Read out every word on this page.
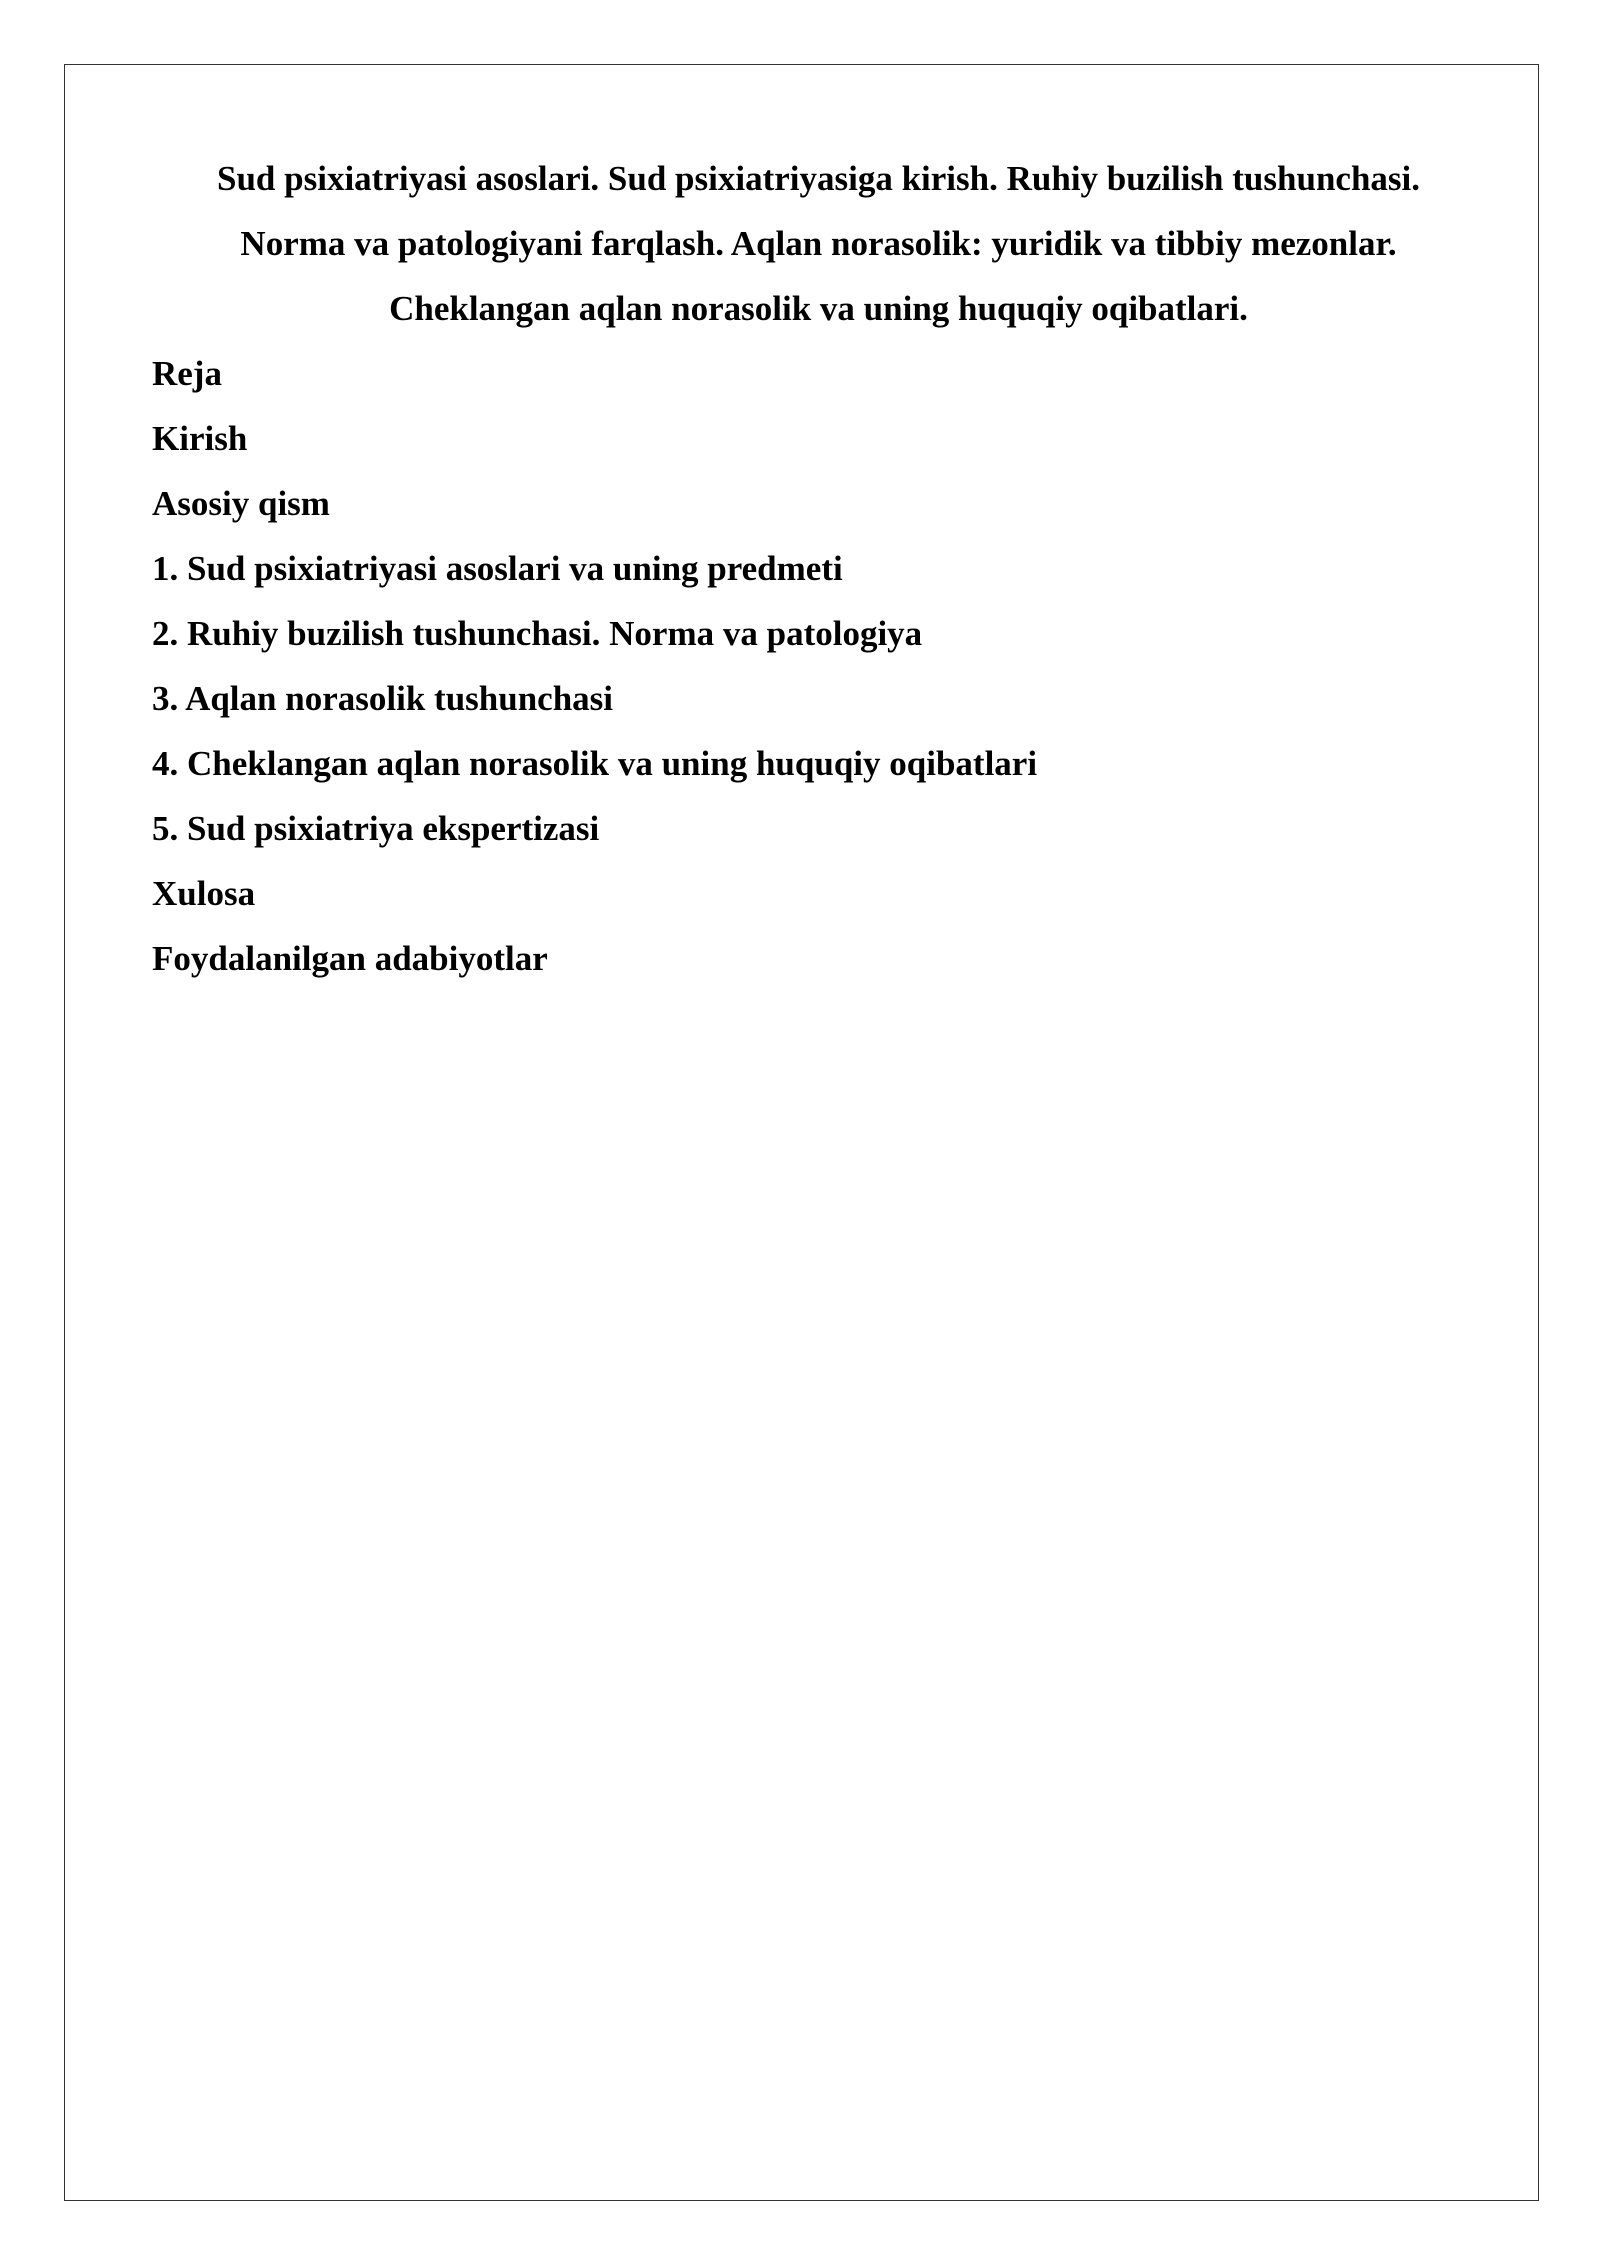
Sud psixiatriyasi asoslari. Sud psixiatriyasiga kirish. Ruhiy buzilish tushunchasi.
Norma va patologiyani farqlash. Aqlan norasolik: yuridik va tibbiy mezonlar.
Cheklangan aqlan norasolik va uning huquqiy oqibatlari.
Reja
Kirish
Asosiy qism
1. Sud psixiatriyasi asoslari va uning predmeti
2. Ruhiy buzilish tushunchasi. Norma va patologiya
3. Aqlan norasolik tushunchasi
4. Cheklangan aqlan norasolik va uning huquqiy oqibatlari
5. Sud psixiatriya ekspertizasi
Xulosa
Foydalanilgan adabiyotlar
